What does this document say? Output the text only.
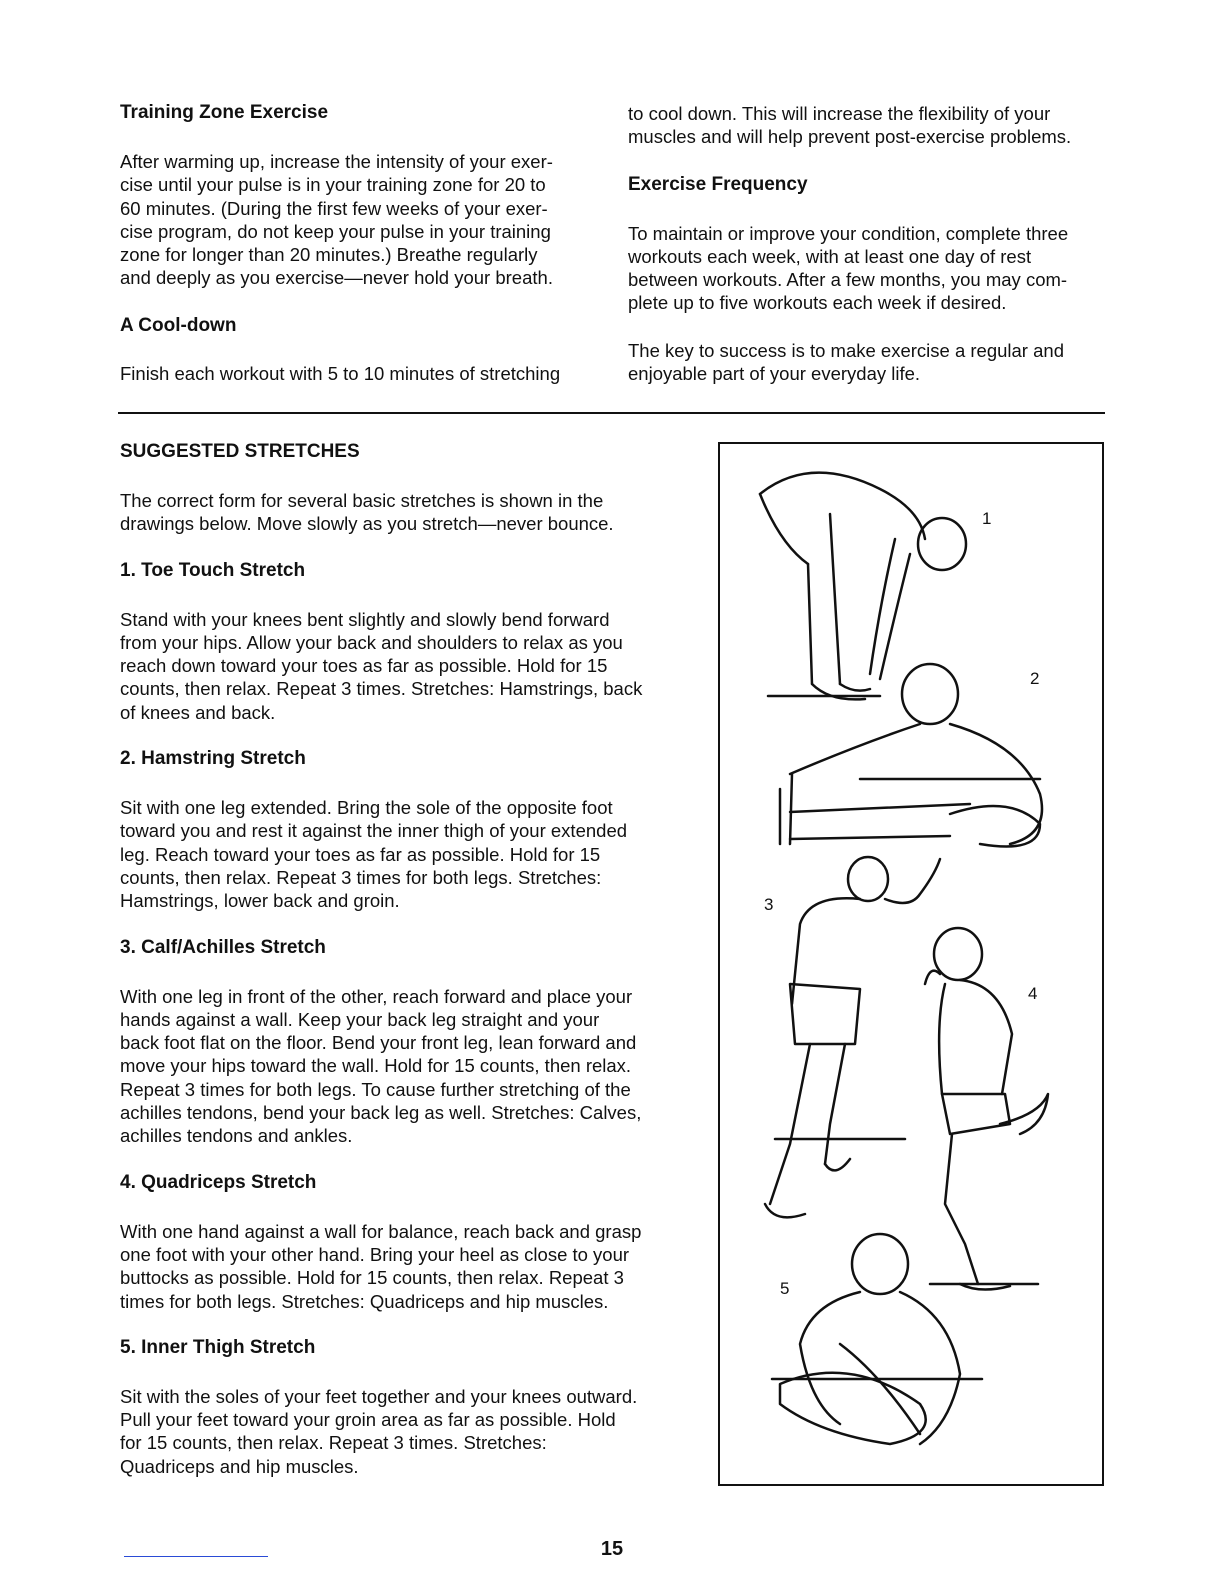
Training Zone Exercise

After warming up, increase the intensity of your exer-
cise until your pulse is in your training zone for 20 to
60 minutes. (During the first few weeks of your exer-
cise program, do not keep your pulse in your training
zone for longer than 20 minutes.) Breathe regularly
and deeply as you exercise—never hold your breath.

A Cool-down

Finish each workout with 5 to 10 minutes of stretching

to cool down. This will increase the flexibility of your
muscles and will help prevent post-exercise problems.

Exercise Frequency

To maintain or improve your condition, complete three
workouts each week, with at least one day of rest
between workouts. After a few months, you may com-
plete up to five workouts each week if desired.

The key to success is to make exercise a regular and
enjoyable part of your everyday life.

SUGGESTED STRETCHES

The correct form for several basic stretches is shown in the
drawings below. Move slowly as you stretch—never bounce.

1. Toe Touch Stretch

Stand with your knees bent slightly and slowly bend forward
from your hips. Allow your back and shoulders to relax as you
reach down toward your toes as far as possible. Hold for 15
counts, then relax. Repeat 3 times. Stretches: Hamstrings, back
of knees and back.

2. Hamstring Stretch

Sit with one leg extended. Bring the sole of the opposite foot
toward you and rest it against the inner thigh of your extended
leg. Reach toward your toes as far as possible. Hold for 15
counts, then relax. Repeat 3 times for both legs. Stretches:
Hamstrings, lower back and groin.

3. Calf/Achilles Stretch

With one leg in front of the other, reach forward and place your
hands against a wall. Keep your back leg straight and your
back foot flat on the floor. Bend your front leg, lean forward and
move your hips toward the wall. Hold for 15 counts, then relax.
Repeat 3 times for both legs. To cause further stretching of the
achilles tendons, bend your back leg as well. Stretches: Calves,
achilles tendons and ankles.

4. Quadriceps Stretch

With one hand against a wall for balance, reach back and grasp
one foot with your other hand. Bring your heel as close to your
buttocks as possible. Hold for 15 counts, then relax. Repeat 3
times for both legs. Stretches: Quadriceps and hip muscles.

5. Inner Thigh Stretch

Sit with the soles of your feet together and your knees outward.
Pull your feet toward your groin area as far as possible. Hold
for 15 counts, then relax. Repeat 3 times. Stretches:
Quadriceps and hip muscles.

1
2
3
4
5
15
